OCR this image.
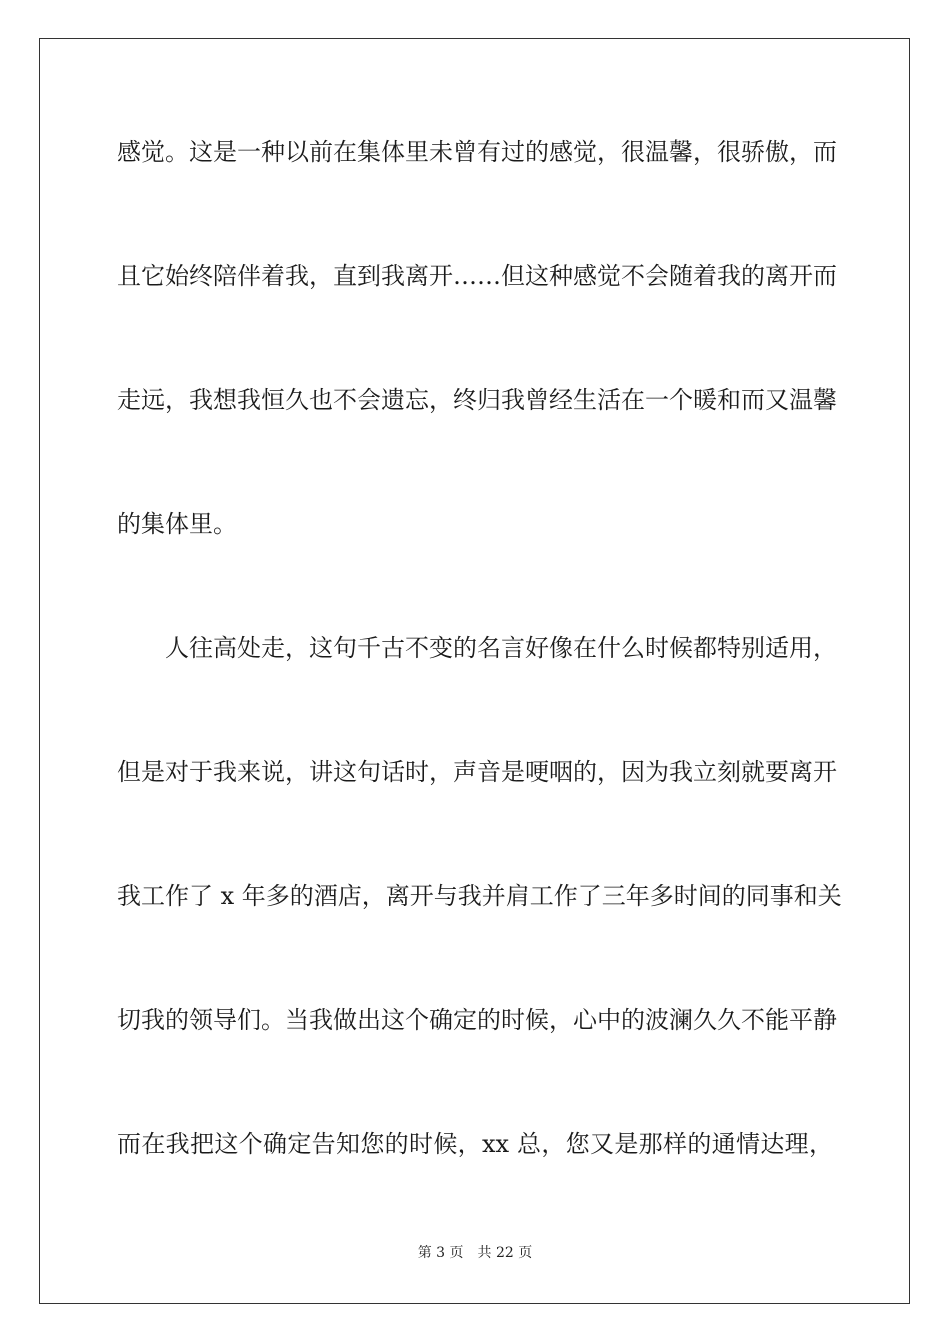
感觉。这是一种以前在集体里未曾有过的感觉，很温馨，很骄傲，而
且它始终陪伴着我，直到我离开……但这种感觉不会随着我的离开而
走远，我想我恒久也不会遗忘，终归我曾经生活在一个暖和而又温馨
的集体里。
人往高处走，这句千古不变的名言好像在什么时候都特别适用，
但是对于我来说，讲这句话时，声音是哽咽的，因为我立刻就要离开
我工作了 x 年多的酒店，离开与我并肩工作了三年多时间的同事和关
切我的领导们。当我做出这个确定的时候，心中的波澜久久不能平静
而在我把这个确定告知您的时候，xx 总，您又是那样的通情达理，
第 3 页 共 22 页
